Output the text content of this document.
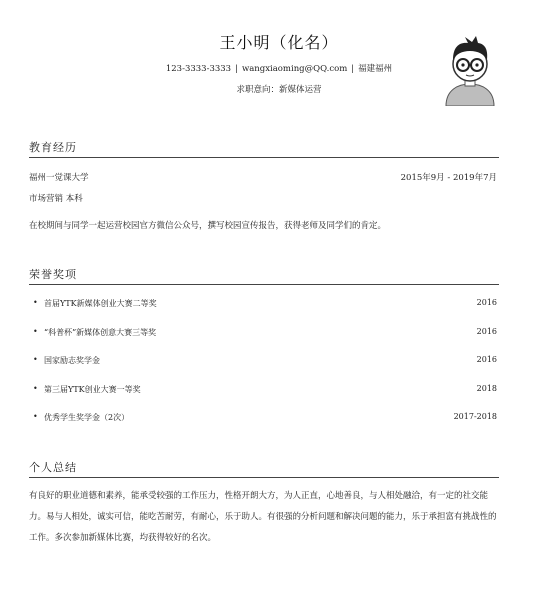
王小明（化名）
123-3333-3333 | wangxiaoming@QQ.com | 福建福州
求职意向：新媒体运营
教育经历
福州一觉课大学	2015年9月 - 2019年7月
市场营销 本科
在校期间与同学一起运营校园官方微信公众号，撰写校园宣传报告，获得老师及同学们的肯定。
荣誉奖项
• 首届YTK新媒体创业大赛二等奖	2016
• “科普杯”新媒体创意大赛三等奖	2016
• 国家励志奖学金	2016
• 第三届YTK创业大赛一等奖	2018
• 优秀学生奖学金（2次）	2017-2018
个人总结
有良好的职业道德和素养，能承受较强的工作压力，性格开朗大方，为人正直，心地善良，与人相处融洽，有一定的社交能力。易与人相处，诚实可信，能吃苦耐劳，有耐心，乐于助人。有很强的分析问题和解决问题的能力，乐于承担富有挑战性的工作。多次参加新媒体比赛，均获得较好的名次。
